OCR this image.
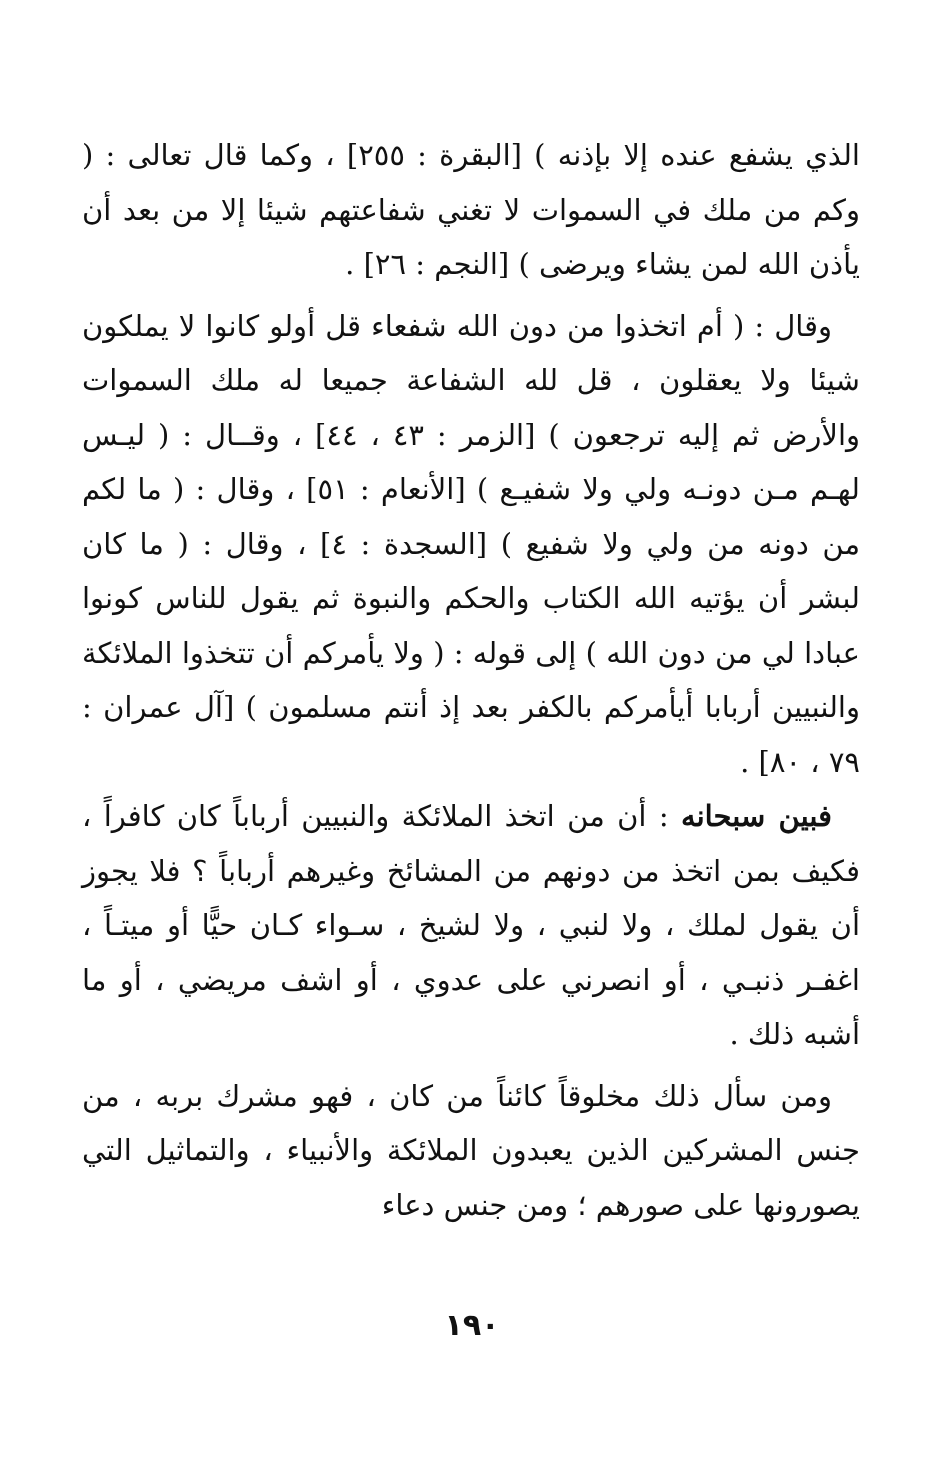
الذي يشفع عنده إلا بإذنه ) [البقرة : ٢٥٥] ، وكما قال تعالى : ( وكم من ملك في السموات لا تغني شفاعتهم شيئا إلا من بعد أن يأذن الله لمن يشاء ويرضى ) [النجم : ٢٦] .

وقال : ( أم اتخذوا من دون الله شفعاء قل أولو كانوا لا يملكون شيئا ولا يعقلون ، قل لله الشفاعة جميعا له ملك السموات والأرض ثم إليه ترجعون ) [الزمر : ٤٣ ، ٤٤] ، وقــال : ( ليـس لهـم مـن دونـه ولي ولا شفيـع ) [الأنعام : ٥١] ، وقال : ( ما لكم من دونه من ولي ولا شفيع ) [السجدة : ٤] ، وقال : ( ما كان لبشر أن يؤتيه الله الكتاب والحكم والنبوة ثم يقول للناس كونوا عبادا لي من دون الله ) إلى قوله : ( ولا يأمركم أن تتخذوا الملائكة والنبيين أربابا أيأمركم بالكفر بعد إذ أنتم مسلمون ) [آل عمران : ٧٩ ، ٨٠] .

فبين سبحانه : أن من اتخذ الملائكة والنبيين أرباباً كان كافراً ، فكيف بمن اتخذ من دونهم من المشائخ وغيرهم أرباباً ؟ فلا يجوز أن يقول لملك ، ولا لنبي ، ولا لشيخ ، سـواء كـان حيًّا أو ميتـاً ، اغفـر ذنبـي ، أو انصرني على عدوي ، أو اشف مريضي ، أو ما أشبه ذلك .

ومن سأل ذلك مخلوقاً كائناً من كان ، فهو مشرك بربه ، من جنس المشركين الذين يعبدون الملائكة والأنبياء ، والتماثيل التي يصورونها على صورهم ؛ ومن جنس دعاء

١٩٠
